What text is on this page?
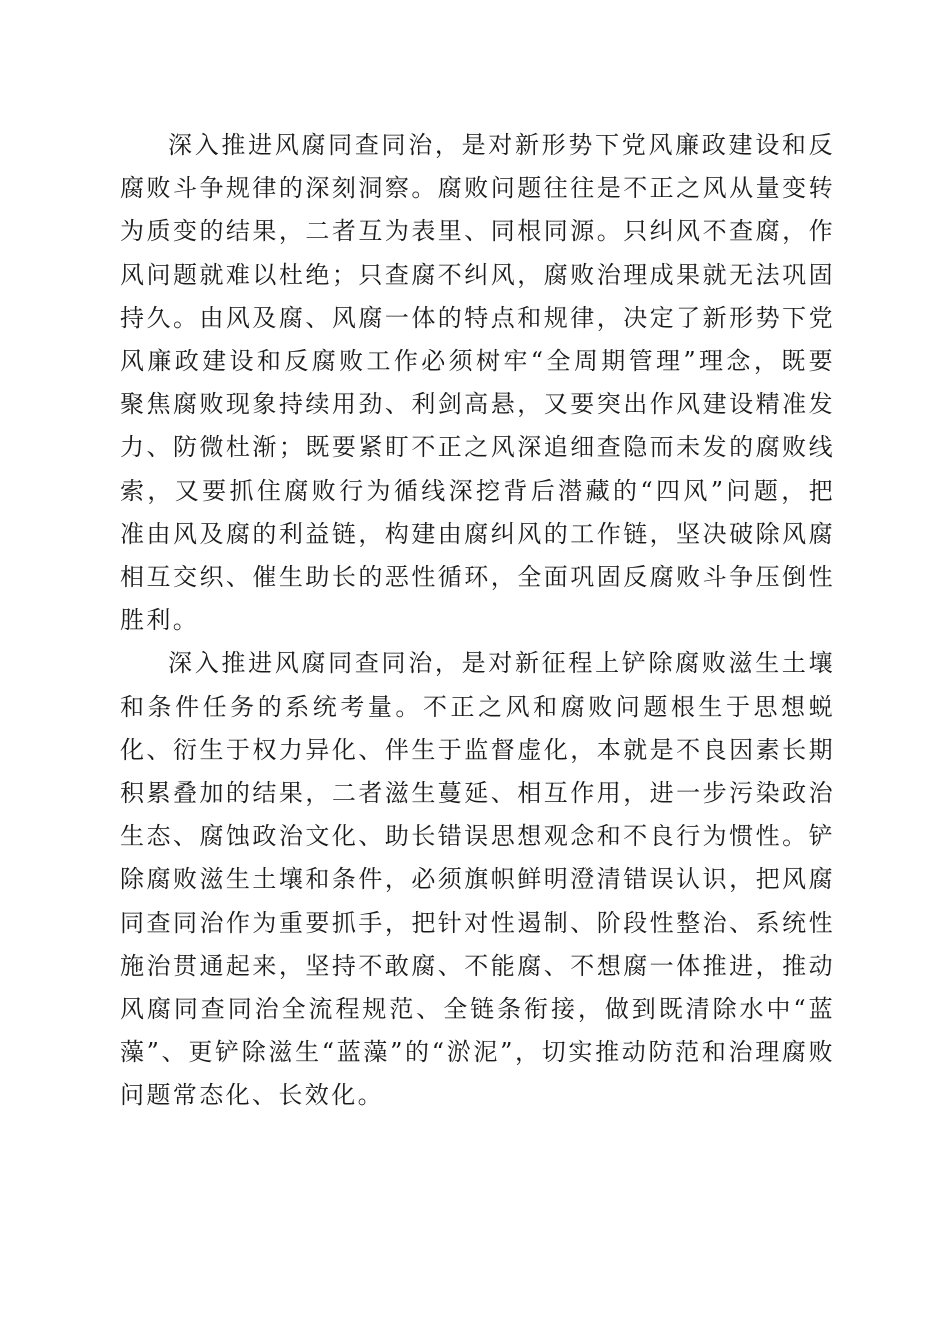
深入推进风腐同查同治，是对新形势下党风廉政建设和反腐败斗争规律的深刻洞察。腐败问题往往是不正之风从量变转为质变的结果，二者互为表里、同根同源。只纠风不查腐，作风问题就难以杜绝；只查腐不纠风，腐败治理成果就无法巩固持久。由风及腐、风腐一体的特点和规律，决定了新形势下党风廉政建设和反腐败工作必须树牢“全周期管理”理念，既要聚焦腐败现象持续用劲、利剑高悬，又要突出作风建设精准发力、防微杜渐；既要紧盯不正之风深追细查隐而未发的腐败线索，又要抓住腐败行为循线深挖背后潜藏的“四风”问题，把准由风及腐的利益链，构建由腐纠风的工作链，坚决破除风腐相互交织、催生助长的恶性循环，全面巩固反腐败斗争压倒性胜利。

深入推进风腐同查同治，是对新征程上铲除腐败滋生土壤和条件任务的系统考量。不正之风和腐败问题根生于思想蜕化、衍生于权力异化、伴生于监督虚化，本就是不良因素长期积累叠加的结果，二者滋生蔓延、相互作用，进一步污染政治生态、腐蚀政治文化、助长错误思想观念和不良行为惯性。铲除腐败滋生土壤和条件，必须旗帜鲜明澄清错误认识，把风腐同查同治作为重要抓手，把针对性遏制、阶段性整治、系统性施治贯通起来，坚持不敢腐、不能腐、不想腐一体推进，推动风腐同查同治全流程规范、全链条衔接，做到既清除水中“蓝藻”、更铲除滋生“蓝藻”的“淤泥”，切实推动防范和治理腐败问题常态化、长效化。
